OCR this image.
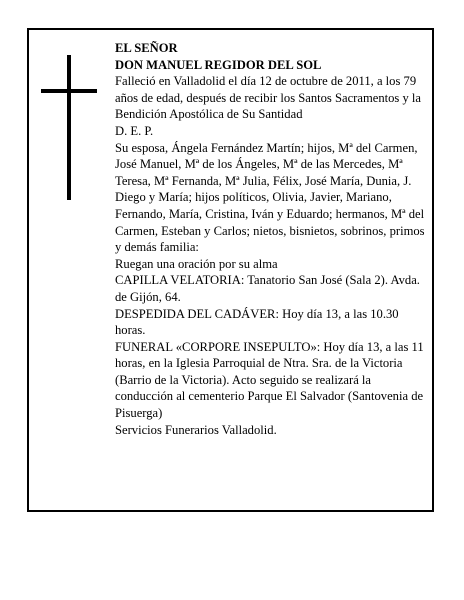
EL SEÑOR

DON MANUEL REGIDOR DEL SOL

Falleció en Valladolid el día 12 de octubre de 2011, a los 79 años de edad, después de recibir los Santos Sacramentos y la Bendición Apostólica de Su Santidad

D. E. P.

Su esposa, Ángela Fernández Martín; hijos, Mª del Carmen, José Manuel, Mª de los Ángeles, Mª de las Mercedes, Mª Teresa, Mª Fernanda, Mª Julia, Félix, José María, Dunia, J. Diego y María; hijos políticos, Olivia, Javier, Mariano, Fernando, María, Cristina, Iván y Eduardo; hermanos, Mª del Carmen, Esteban y Carlos; nietos, bisnietos, sobrinos, primos y demás familia:

Ruegan una oración por su alma

CAPILLA VELATORIA: Tanatorio San José (Sala 2). Avda. de Gijón, 64.

DESPEDIDA DEL CADÁVER: Hoy día 13, a las 10.30 horas.

FUNERAL «CORPORE INSEPULTO»: Hoy día 13, a las 11 horas, en la Iglesia Parroquial de Ntra. Sra. de la Victoria (Barrio de la Victoria). Acto seguido se realizará la conducción al cementerio Parque El Salvador (Santovenia de Pisuerga)

Servicios Funerarios Valladolid.
